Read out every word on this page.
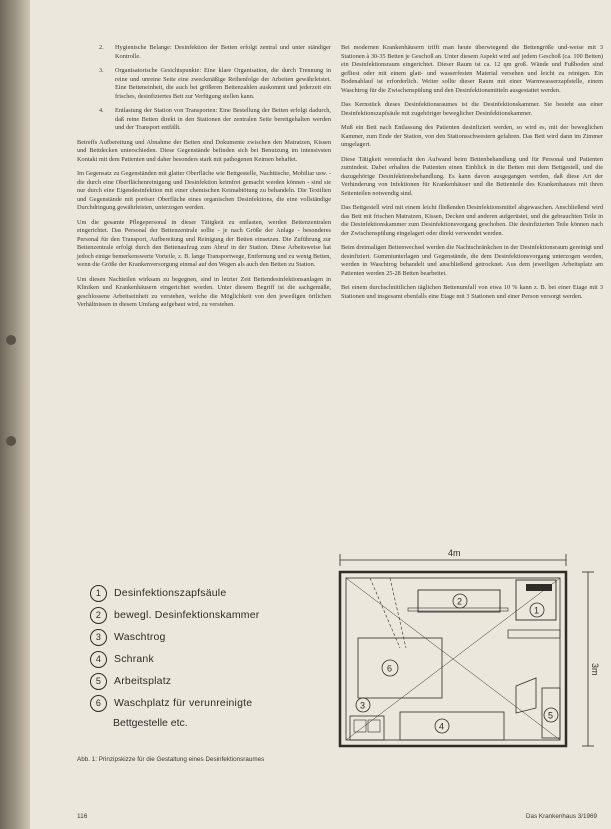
2.	Hygienische Belange: Desinfektion der Betten erfolgt zentral und unter ständiger Kontrolle.
3.	Organisatorische Gesichtspunkte: Eine klare Organisation, die durch Trennung in reine und unreine Seite eine zweckmäßige Reihenfolge der Arbeiten gewährleistet. Eine Betteneinheit, die auch bei größeren Bettenzahlen auskommt und jederzeit ein frisches, desinfiziertes Bett zur Verfügung stellen kann.
4.	Entlastung der Station von Transporten: Eine Bestellung der Betten erfolgt dadurch, daß reine Betten direkt in den Stationen der zentralen Seite bereitgehalten werden und der Transport entfällt.

Betreffs Aufbereitung und Abnahme der Betten sind Dokumente zwischen den Matratzen, Kissen und Bettdecken unterschieden. Diese Gegenstände befinden sich bei Benutzung im intensivsten Kontakt mit dem Patienten und daher besonders stark mit pathogenen Keimen behaftet.

Im Gegensatz zu Gegenständen mit glatter Oberfläche wie Bettgestelle, Nachttische, Mobiliar usw. - die durch eine Oberflächenreinigung und Desinfektion keimfrei gemacht werden können - sind sie nur durch eine Eigendesinfektion mit einer chemischen Keimabtötung zu behandeln. Die Textilien und Gegenstände mit poröser Oberfläche eines organischen Desinfektions, die eine vollständige Durchdringung gewährleisten, unterzogen werden.

Um die gesamte Pflegepersonal in dieser Tätigkeit zu entlasten, werden Bettenzentralen eingerichtet. Das Personal der Bettenzentrale sollte - je nach Größe der Anlage - besonderes Personal für den Transport, Aufbereitung und Reinigung der Betten einsetzen. Die Zuführung zur Bettenzentrale erfolgt durch den Bettenaufzug zum Abruf in der Station. Diese Arbeitsweise hat jedoch einige bemerkenswerte Vorteile, z. B. lange Transportwege, Entfernung und zu wenig Betten, wenn die Größe der Krankenversorgung einmal auf den Wegen als auch den Betten zu Station.

Um diesen Nachteilen wirksam zu begegnen, sind in letzter Zeit Bettendesinfektionsanlagen in Kliniken und Krankenhäusern eingerichtet worden. Unter diesem Begriff ist die sachgemäße, geschlossene Arbeitseinheit zu verstehen, welche die Möglichkeit von den jeweiligen örtlichen Verhältnissen in diesem Umfang aufgebaut wird, zu verstehen.

Bei modernen Krankenhäusern trifft man heute überwiegend die Bettengröße und-weise mit 3 Stationen à 30-35 Betten je Geschoß an. Unter diesem Aspekt wird auf jedem Geschoß (ca. 100 Betten) ein Desinfektionsraum eingerichtet. Dieser Raum ist ca. 12 qm groß. Wände und Fußboden sind gefliest oder mit einem glatt- und wasserfesten Material versehen und leicht zu reinigen. Ein Bodenablauf ist erforderlich. Weiter sollte dieser Raum mit einer Warmwasserzapfstelle, einem Waschtrog für die Zwischenspülung und den Desinfektionsmitteln ausgestattet werden.

Das Kernstück dieses Desinfektionsraumes ist die Desinfektionskammer. Sie besteht aus einer Desinfektionszapfsäule mit zugehöriger beweglicher Desinfektionskammer.

Muß ein Bett nach Entlassung des Patienten desinfiziert werden, so wird es, mit der beweglichen Kammer, zum Ende der Station, von den Stationsschwestern gefahren. Das Bett wird dann im Zimmer umgelagert.

Diese Tätigkeit vereinfacht den Aufwand beim Bettenbehandlung und für Personal und Patienten zumindest. Dabei erhalten die Patienten einen Einblick in die Betten mit dem Bettgestell, und die dazugehörige Desinfektionsbehandlung. Es kann davon ausgegangen werden, daß diese Art der Verhinderung von Infektionen für Krankenhäuser und die Bettenteile des Krankenhauses mit ihren Seitenteilen notwendig sind.

Das Bettgestell wird mit einem leicht fließenden Desinfektionsmittel abgewaschen. Anschließend wird das Bett mit frischen Matratzen, Kissen, Decken und anderen aufgerüstet, und die gebrauchten Teile in die Desinfektionskammer zum Desinfektionsvorgang geschoben. Die desinfizierten Teile können nach der Zwischenspülung eingelagert oder direkt verwendet werden.

Beim dreimaligen Bettenwechsel werden die Nachtschränkchen in der Desinfektionsraum gereinigt und desinfiziert. Gummiunterlagen und Gegenstände, die dem Desinfektionsvorgang unterzogen werden, werden in Waschtrog behandelt und anschließend getrocknet. Aus dem jeweiligen Arbeitsplatz am Patienten werden 25-28 Betten bearbeitet.

Bei einem durchschnittlichen täglichen Bettenumfall von etwa 10 % kann z. B. bei einer Etage mit 3 Stationen und insgesamt ebenfalls eine Etage mit 3 Stationen und einer Person versorgt werden.

1	Desinfektionszapfsäule
2	bewegl. Desinfektionskammer
3	Waschtrog
4	Schrank
5	Arbeitsplatz
6	Waschplatz für verunreinigte
Bettgestelle etc.
4m
3m
2
1
6
3
4
5
Abb. 1: Prinzipskizze für die Gestaltung eines Desinfektionsraumes
116	Das Krankenhaus 3/1969
